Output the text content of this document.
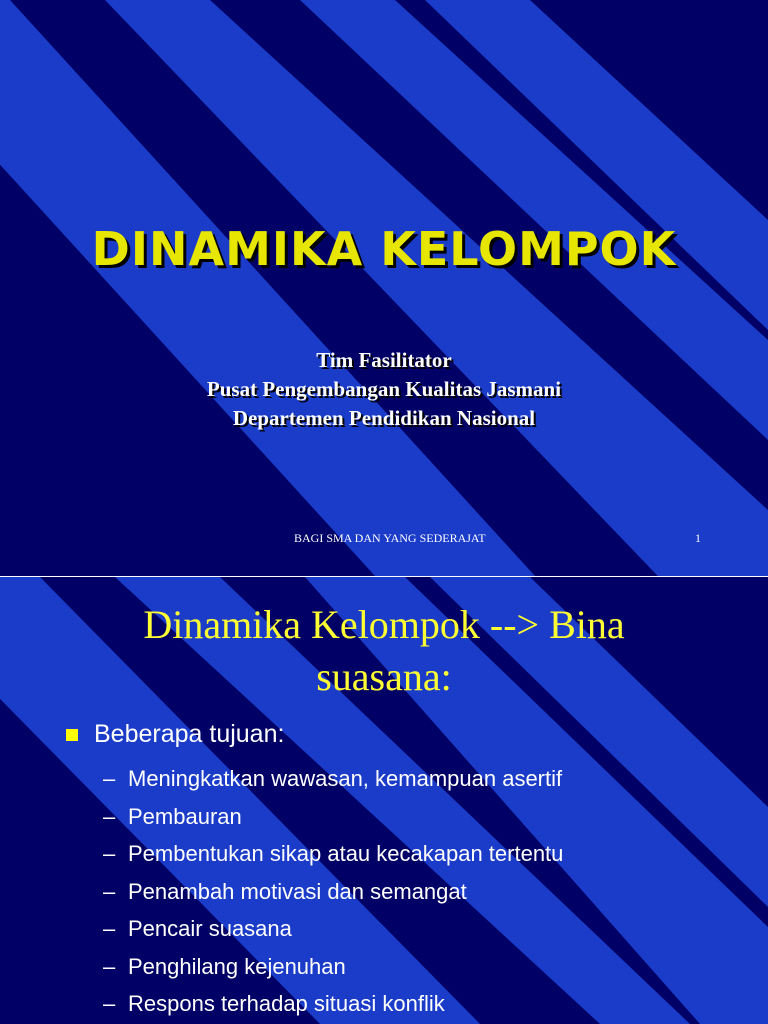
DINAMIKA KELOMPOK
Tim Fasilitator
Pusat Pengembangan Kualitas Jasmani
Departemen Pendidikan Nasional
BAGI SMA DAN YANG SEDERAJAT	1
Dinamika Kelompok --> Bina
suasana:
Beberapa tujuan:
– Meningkatkan wawasan, kemampuan asertif
– Pembauran
– Pembentukan sikap atau kecakapan tertentu
– Penambah motivasi dan semangat
– Pencair suasana
– Penghilang kejenuhan
– Respons terhadap situasi konflik
